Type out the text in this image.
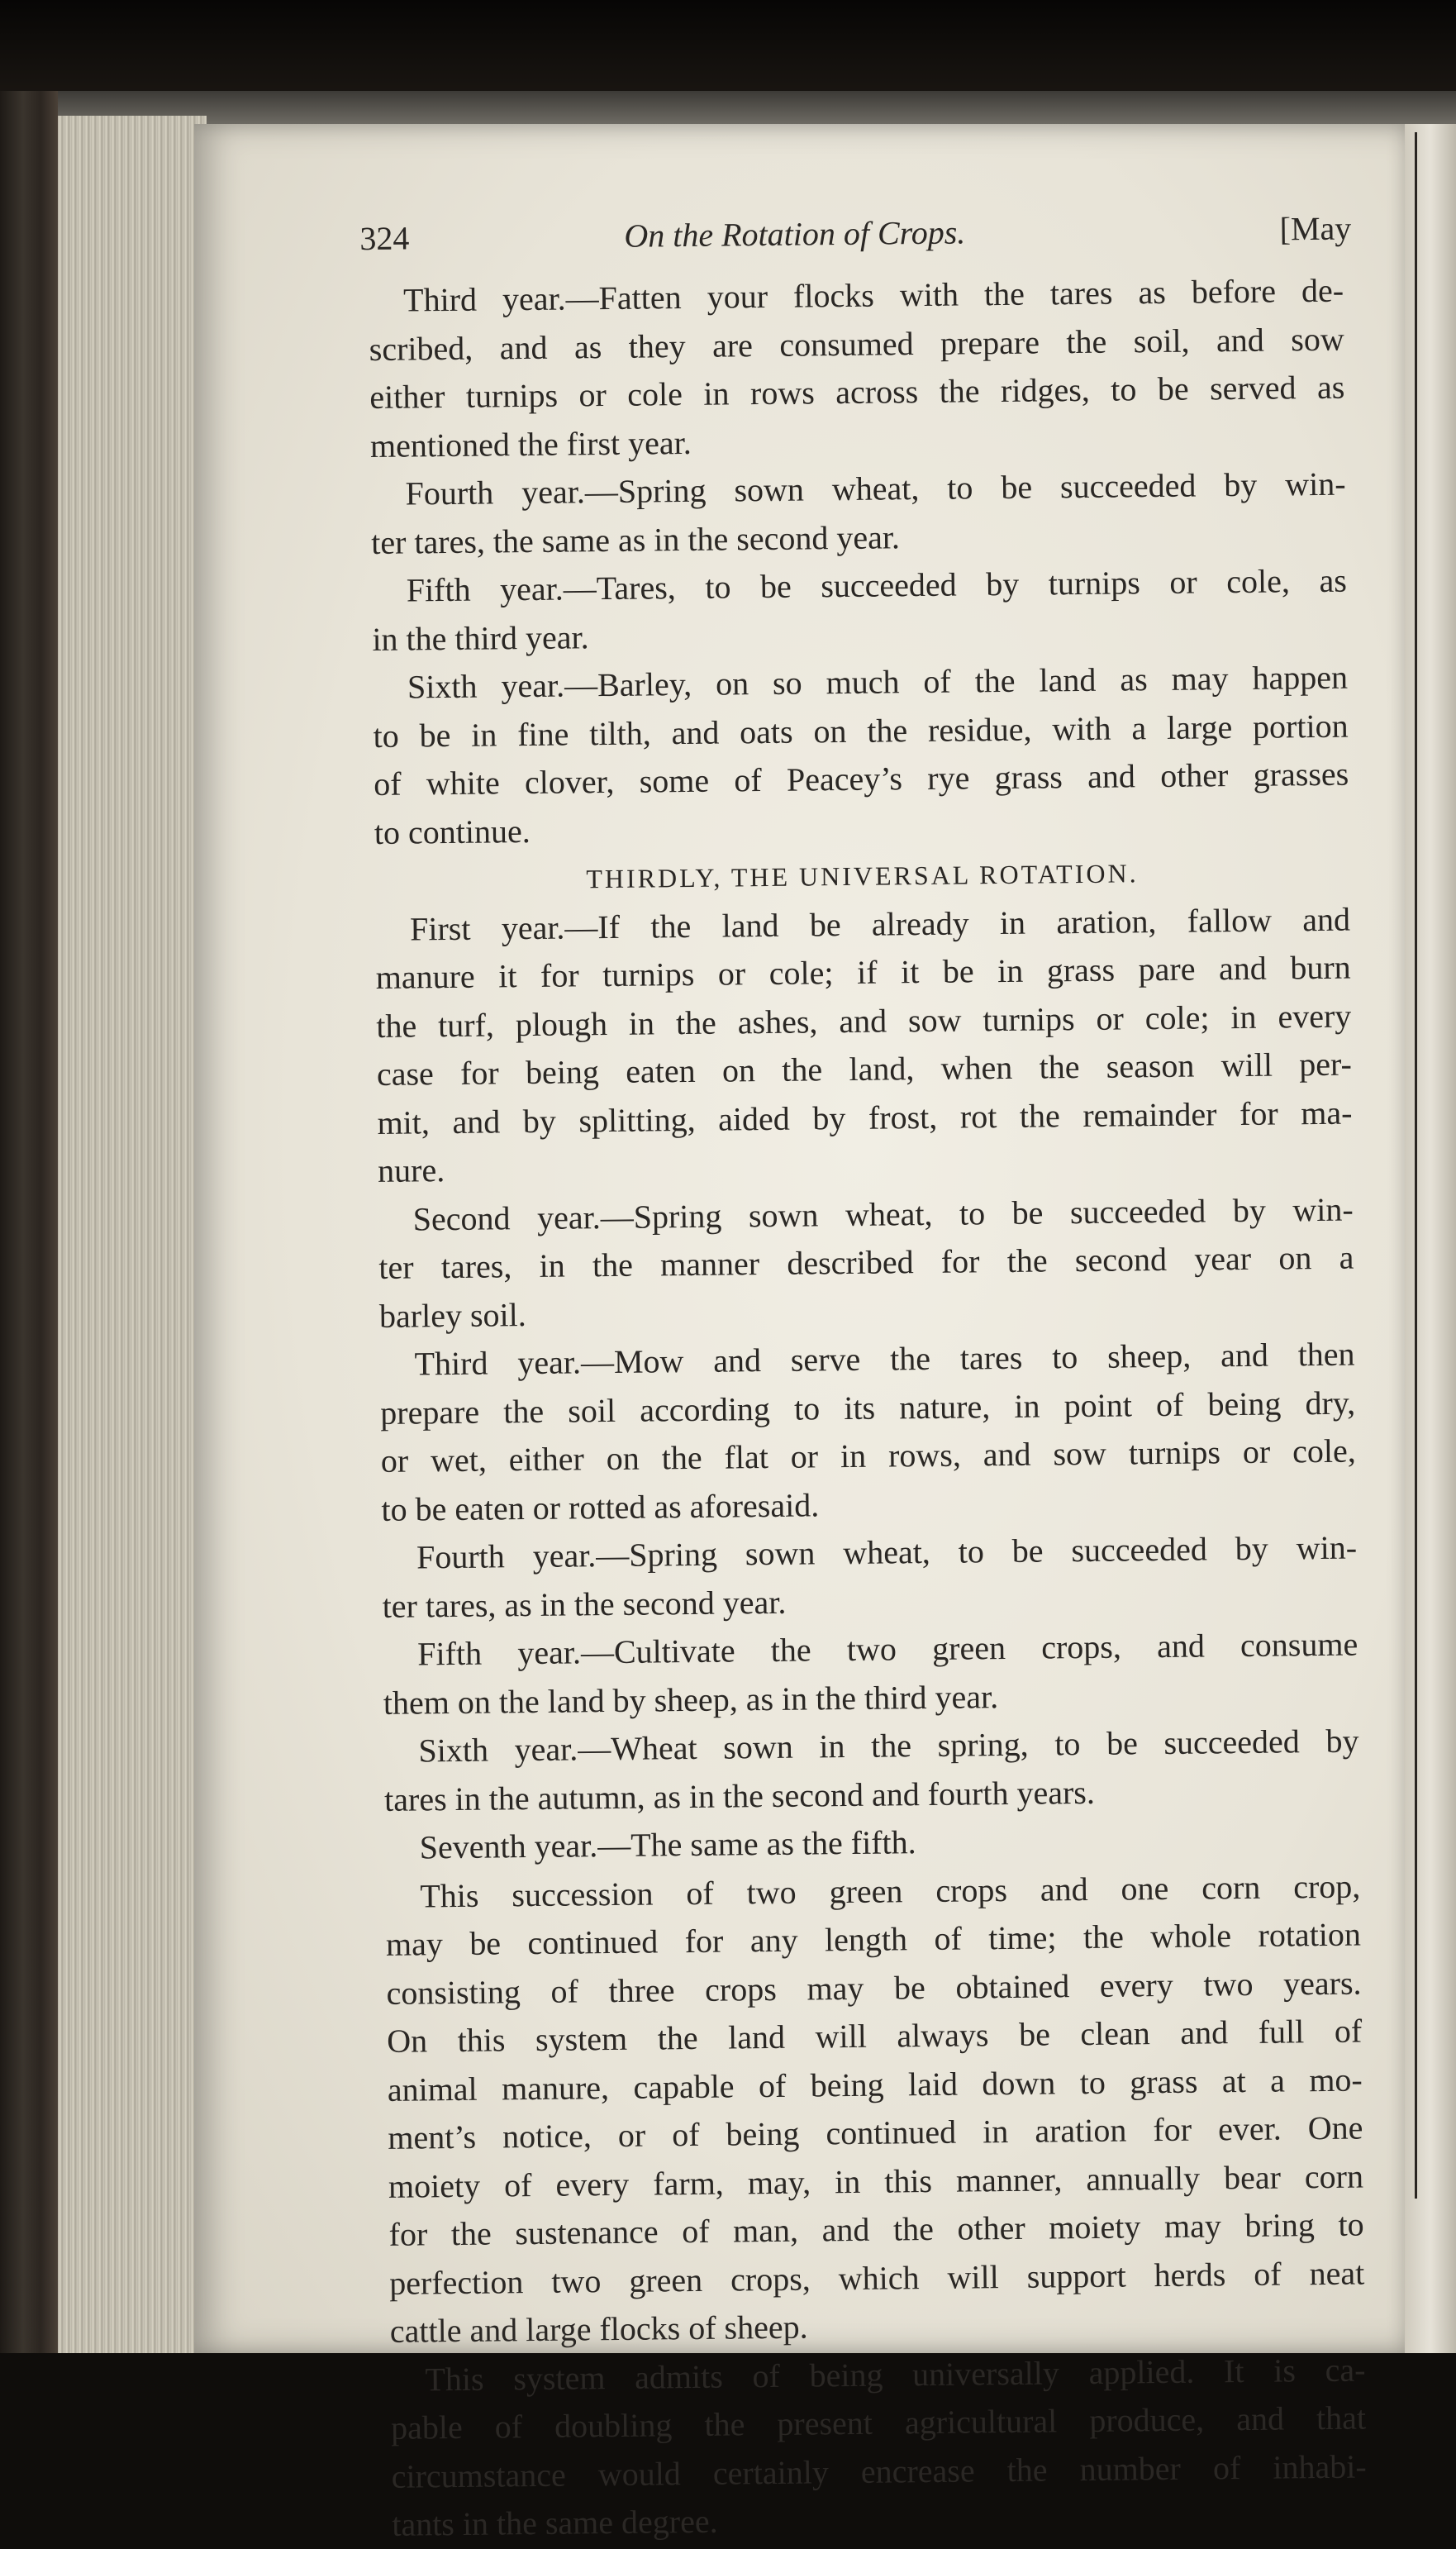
324	On the Rotation of Crops.	[May
Third year.—Fatten your flocks with the tares as before de-
scribed, and as they are consumed prepare the soil, and sow
either turnips or cole in rows across the ridges, to be served as
mentioned the first year.
Fourth year.—Spring sown wheat, to be succeeded by win-
ter tares, the same as in the second year.
Fifth year.—Tares, to be succeeded by turnips or cole, as
in the third year.
Sixth year.—Barley, on so much of the land as may happen
to be in fine tilth, and oats on the residue, with a large portion
of white clover, some of Peacey’s rye grass and other grasses
to continue.
THIRDLY, THE UNIVERSAL ROTATION.
First year.—If the land be already in aration, fallow and
manure it for turnips or cole; if it be in grass pare and burn
the turf, plough in the ashes, and sow turnips or cole; in every
case for being eaten on the land, when the season will per-
mit, and by splitting, aided by frost, rot the remainder for ma-
nure.
Second year.—Spring sown wheat, to be succeeded by win-
ter tares, in the manner described for the second year on a
barley soil.
Third year.—Mow and serve the tares to sheep, and then
prepare the soil according to its nature, in point of being dry,
or wet, either on the flat or in rows, and sow turnips or cole,
to be eaten or rotted as aforesaid.
Fourth year.—Spring sown wheat, to be succeeded by win-
ter tares, as in the second year.
Fifth year.—Cultivate the two green crops, and consume
them on the land by sheep, as in the third year.
Sixth year.—Wheat sown in the spring, to be succeeded by
tares in the autumn, as in the second and fourth years.
Seventh year.—The same as the fifth.
This succession of two green crops and one corn crop,
may be continued for any length of time; the whole rotation
consisting of three crops may be obtained every two years.
On this system the land will always be clean and full of
animal manure, capable of being laid down to grass at a mo-
ment’s notice, or of being continued in aration for ever. One
moiety of every farm, may, in this manner, annually bear corn
for the sustenance of man, and the other moiety may bring to
perfection two green crops, which will support herds of neat
cattle and large flocks of sheep.
This system admits of being universally applied. It is ca-
pable of doubling the present agricultural produce, and that
circumstance would certainly encrease the number of inhabi-
tants in the same degree.
